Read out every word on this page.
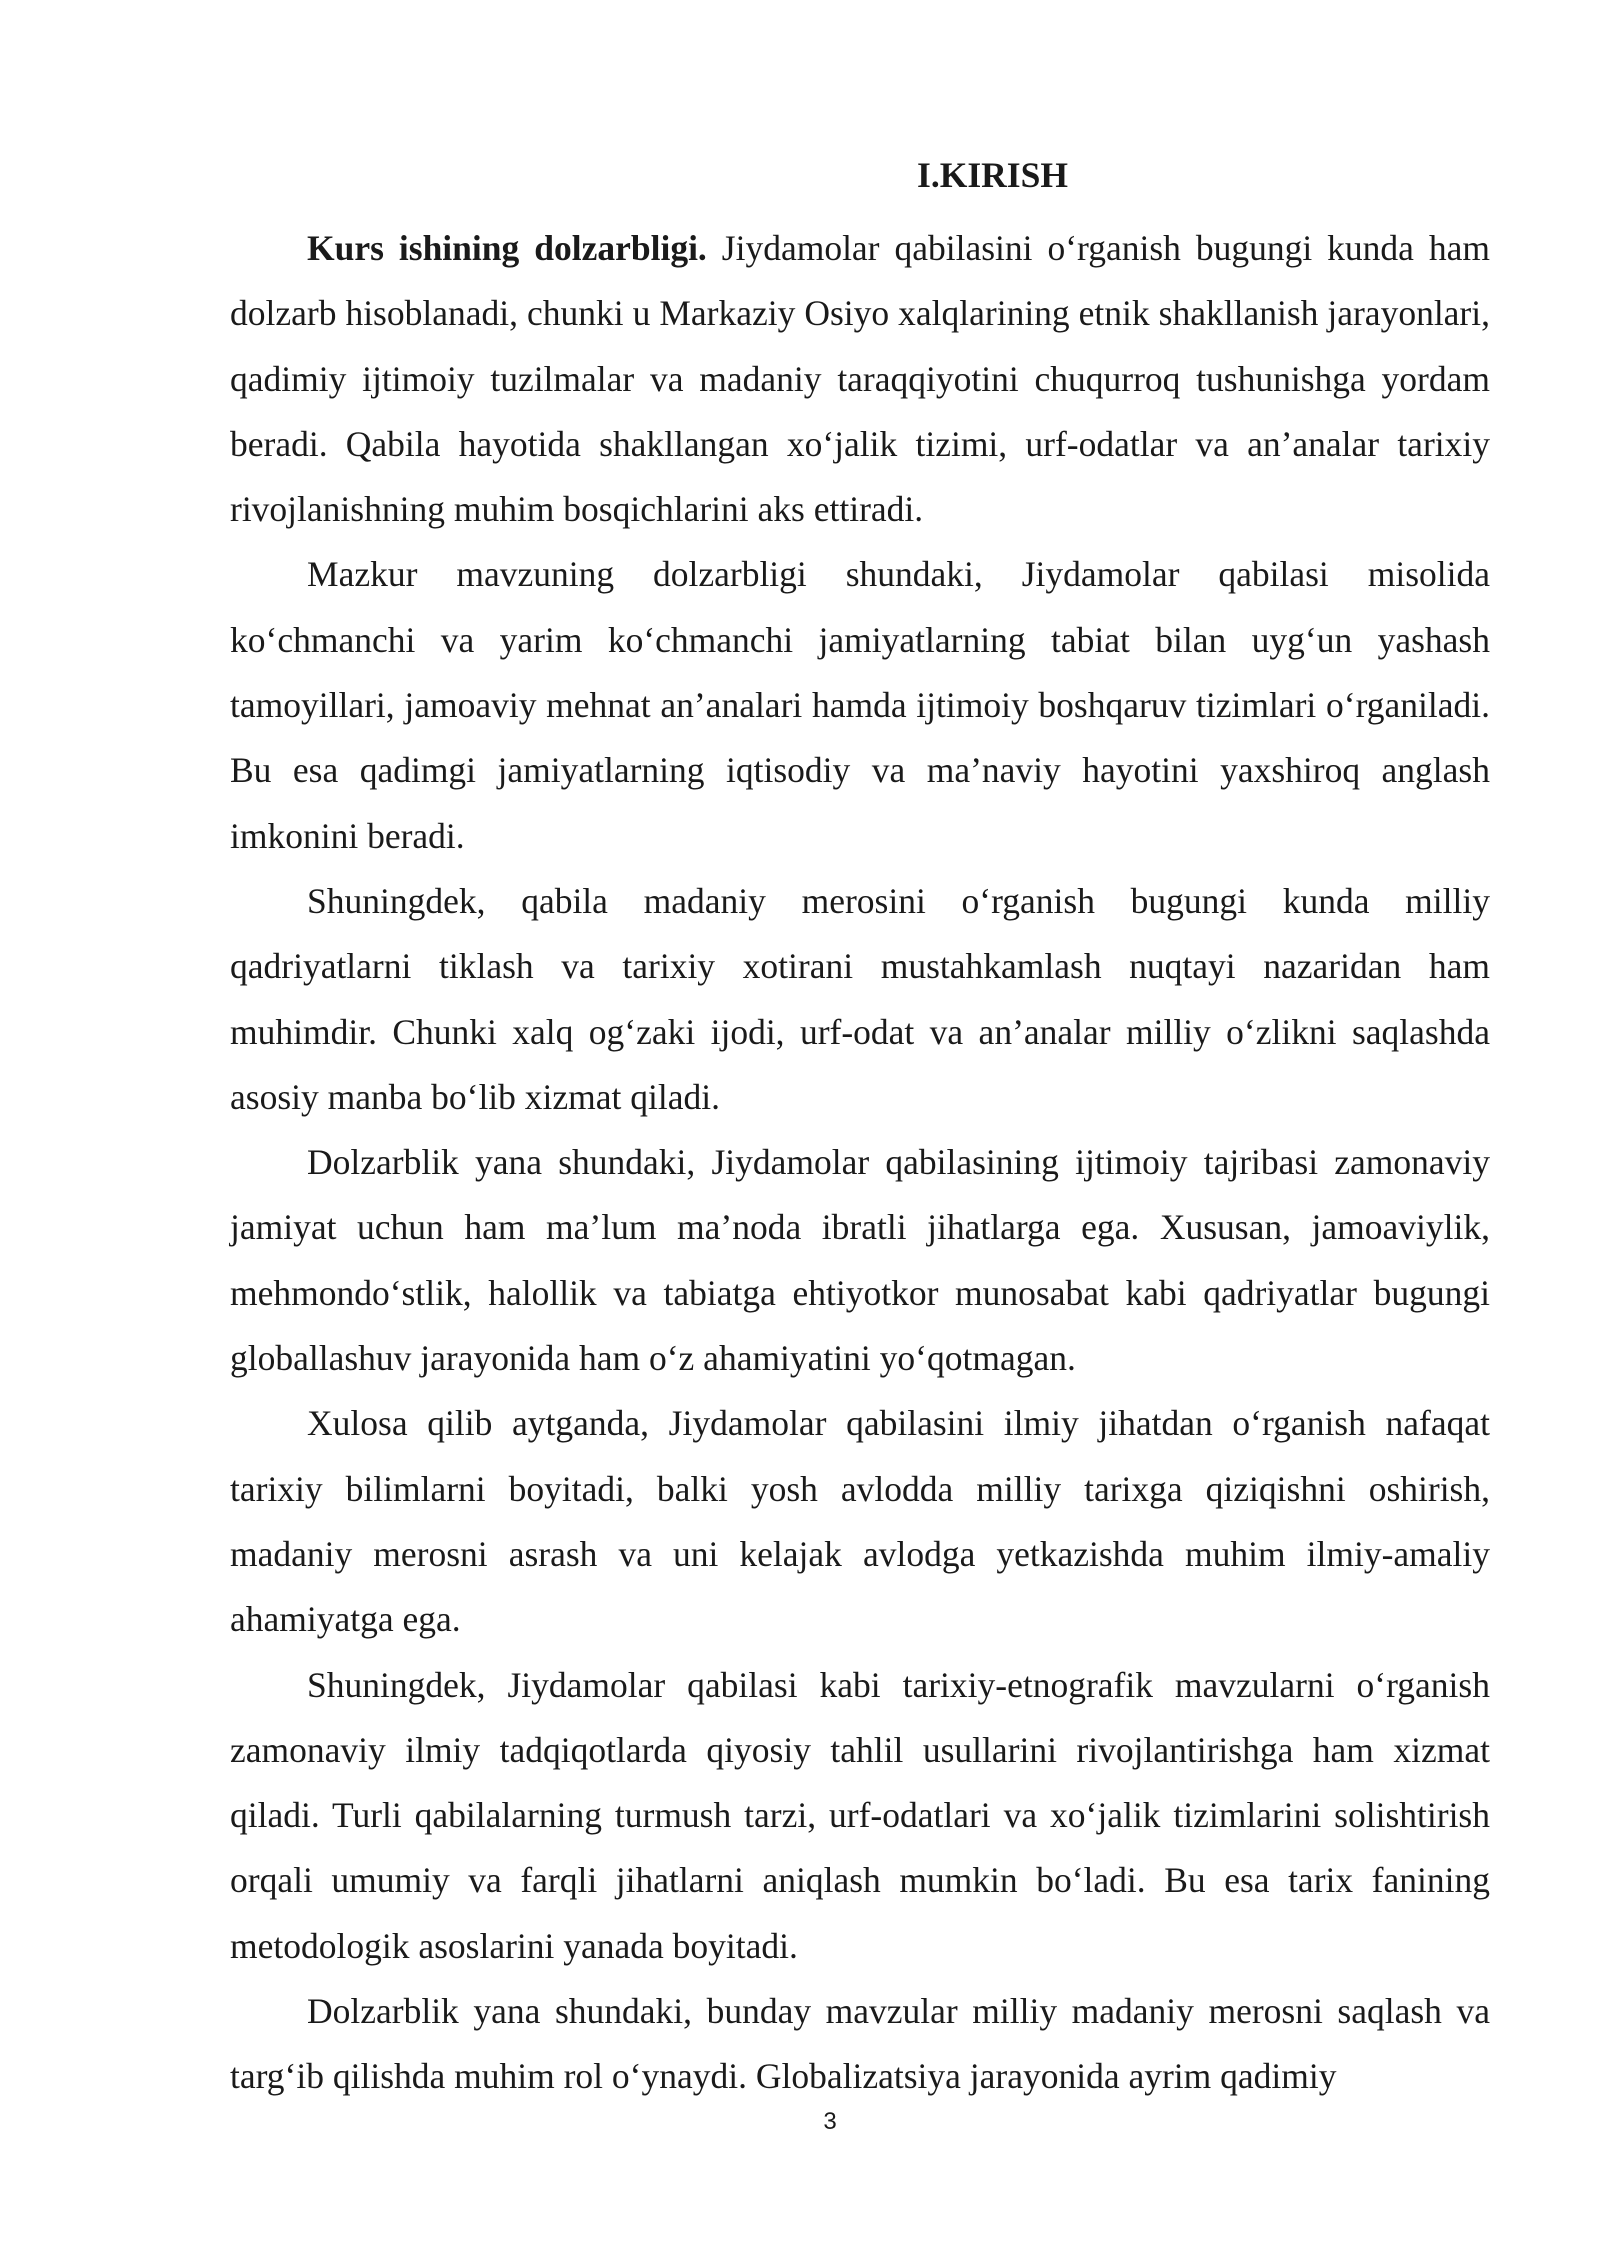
I.KIRISH

Kurs ishining dolzarbligi. Jiydamolar qabilasini oʻrganish bugungi kunda ham dolzarb hisoblanadi, chunki u Markaziy Osiyo xalqlarining etnik shakllanish jarayonlari, qadimiy ijtimoiy tuzilmalar va madaniy taraqqiyotini chuqurroq tushunishga yordam beradi. Qabila hayotida shakllangan xoʻjalik tizimi, urf-odatlar va an’analar tarixiy rivojlanishning muhim bosqichlarini aks ettiradi.

Mazkur mavzuning dolzarbligi shundaki, Jiydamolar qabilasi misolida koʻchmanchi va yarim koʻchmanchi jamiyatlarning tabiat bilan uygʻun yashash tamoyillari, jamoaviy mehnat an’analari hamda ijtimoiy boshqaruv tizimlari oʻrganiladi. Bu esa qadimgi jamiyatlarning iqtisodiy va ma’naviy hayotini yaxshiroq anglash imkonini beradi.

Shuningdek, qabila madaniy merosini oʻrganish bugungi kunda milliy qadriyatlarni tiklash va tarixiy xotirani mustahkamlash nuqtayi nazaridan ham muhimdir. Chunki xalq ogʻzaki ijodi, urf-odat va an’analar milliy oʻzlikni saqlashda asosiy manba boʻlib xizmat qiladi.

Dolzarblik yana shundaki, Jiydamolar qabilasining ijtimoiy tajribasi zamonaviy jamiyat uchun ham ma’lum ma’noda ibratli jihatlarga ega. Xususan, jamoaviylik, mehmondoʻstlik, halollik va tabiatga ehtiyotkor munosabat kabi qadriyatlar bugungi globallashuv jarayonida ham oʻz ahamiyatini yoʻqotmagan.

Xulosa qilib aytganda, Jiydamolar qabilasini ilmiy jihatdan oʻrganish nafaqat tarixiy bilimlarni boyitadi, balki yosh avlodda milliy tarixga qiziqishni oshirish, madaniy merosni asrash va uni kelajak avlodga yetkazishda muhim ilmiy-amaliy ahamiyatga ega.

Shuningdek, Jiydamolar qabilasi kabi tarixiy-etnografik mavzularni oʻrganish zamonaviy ilmiy tadqiqotlarda qiyosiy tahlil usullarini rivojlantirishga ham xizmat qiladi. Turli qabilalarning turmush tarzi, urf-odatlari va xoʻjalik tizimlarini solishtirish orqali umumiy va farqli jihatlarni aniqlash mumkin boʻladi. Bu esa tarix fanining metodologik asoslarini yanada boyitadi.

Dolzarblik yana shundaki, bunday mavzular milliy madaniy merosni saqlash va targʻib qilishda muhim rol oʻynaydi. Globalizatsiya jarayonida ayrim qadimiy

3
